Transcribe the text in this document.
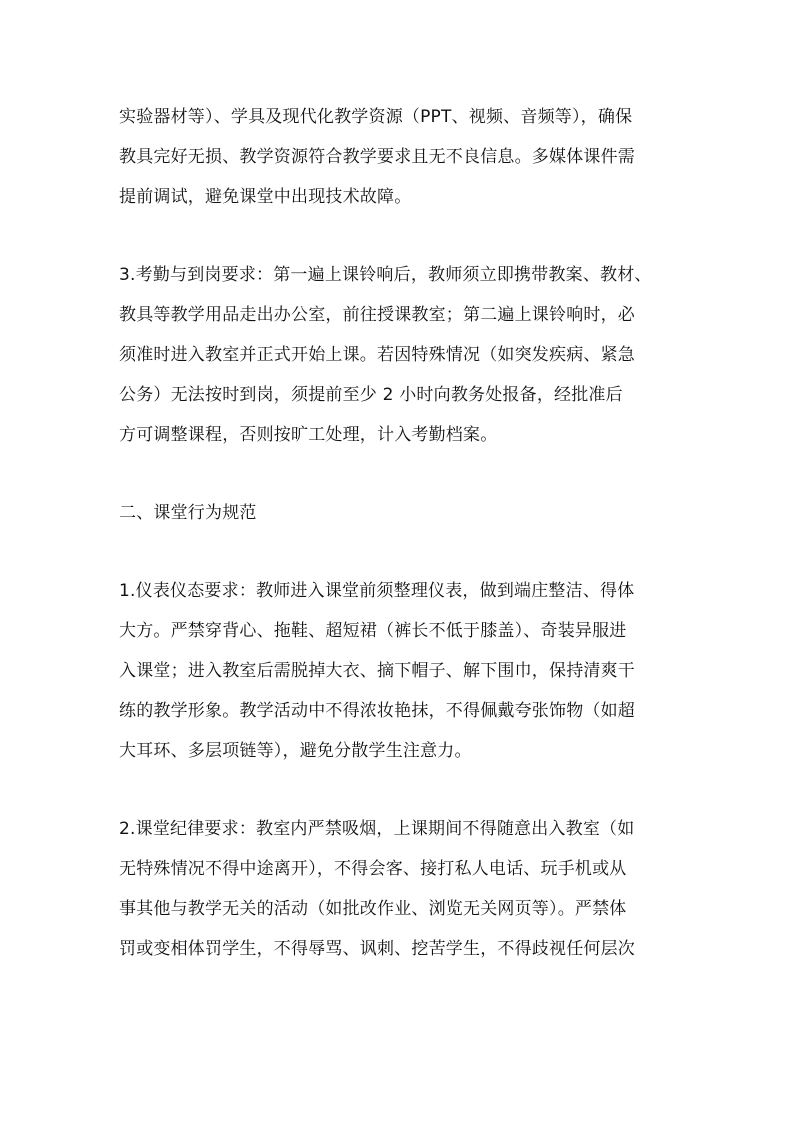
实验器材等）、学具及现代化教学资源（PPT、视频、音频等），确保
教具完好无损、教学资源符合教学要求且无不良信息。多媒体课件需
提前调试，避免课堂中出现技术故障。
3.考勤与到岗要求：第一遍上课铃响后，教师须立即携带教案、教材、
教具等教学用品走出办公室，前往授课教室；第二遍上课铃响时，必
须准时进入教室并正式开始上课。若因特殊情况（如突发疾病、紧急
公务）无法按时到岗，须提前至少 2 小时向教务处报备，经批准后
方可调整课程，否则按旷工处理，计入考勤档案。
二、课堂行为规范
1.仪表仪态要求：教师进入课堂前须整理仪表，做到端庄整洁、得体
大方。严禁穿背心、拖鞋、超短裙（裤长不低于膝盖）、奇装异服进
入课堂；进入教室后需脱掉大衣、摘下帽子、解下围巾，保持清爽干
练的教学形象。教学活动中不得浓妆艳抹，不得佩戴夸张饰物（如超
大耳环、多层项链等），避免分散学生注意力。
2.课堂纪律要求：教室内严禁吸烟，上课期间不得随意出入教室（如
无特殊情况不得中途离开），不得会客、接打私人电话、玩手机或从
事其他与教学无关的活动（如批改作业、浏览无关网页等）。严禁体
罚或变相体罚学生，不得辱骂、讽刺、挖苦学生，不得歧视任何层次
